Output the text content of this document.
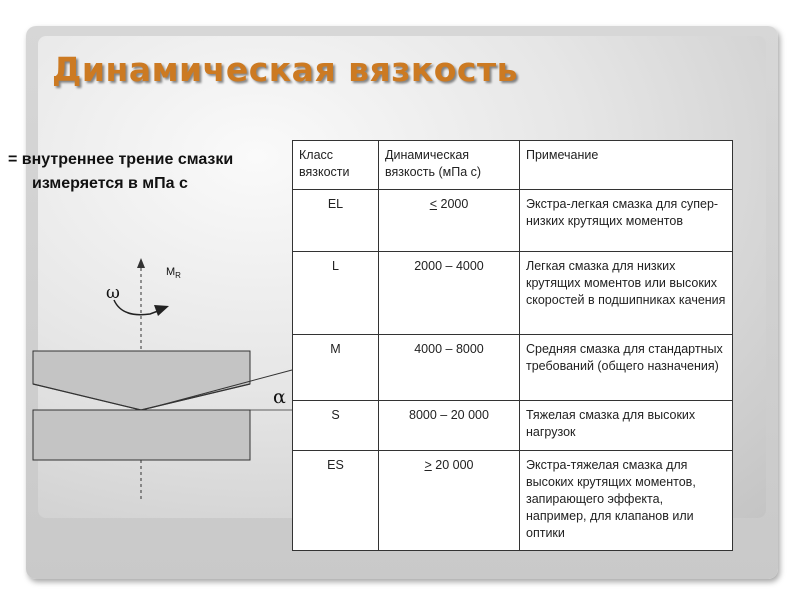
Динамическая вязкость
= внутреннее трение смазки
измеряется в мПа с
ω
$M_R$
α
Класс вязкости	Динамическая вязкость (мПа с)	Примечание
EL	< 2000	Экстра-легкая смазка для супер-низких крутящих моментов
L	2000 – 4000	Легкая смазка для низких крутящих моментов или высоких скоростей в подшипниках качения
M	4000 – 8000	Средняя смазка для стандартных требований (общего назначения)
S	8000 – 20 000	Тяжелая смазка для высоких нагрузок
ES	> 20 000	Экстра-тяжелая смазка для высоких крутящих моментов, запирающего эффекта, например, для клапанов или оптики
